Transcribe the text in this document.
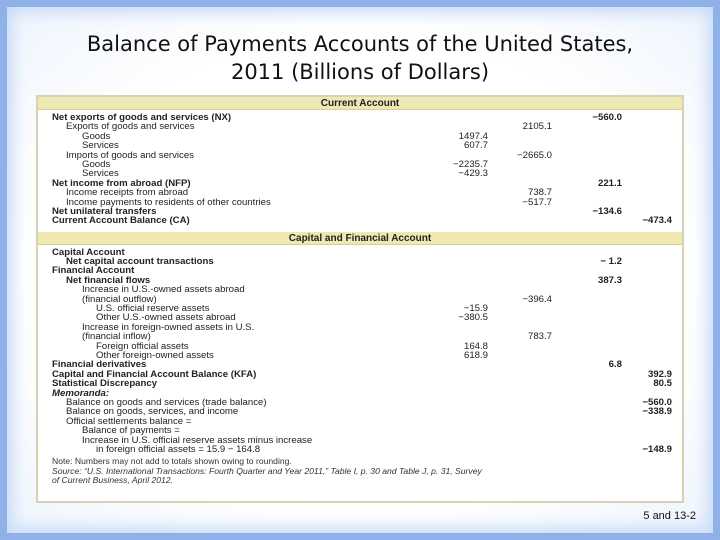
Balance of Payments Accounts of the United States,
2011 (Billions of Dollars)
Current Account
Net exports of goods and services (NX)	−560.0
Exports of goods and services	2105.1
Goods	1497.4
Services	607.7
Imports of goods and services	−2665.0
Goods	−2235.7
Services	−429.3
Net income from abroad (NFP)	221.1
Income receipts from abroad	738.7
Income payments to residents of other countries	−517.7
Net unilateral transfers	−134.6
Current Account Balance (CA)	−473.4
Capital and Financial Account
Capital Account
Net capital account transactions	− 1.2
Financial Account
Net financial flows	387.3
Increase in U.S.-owned assets abroad
(financial outflow)	−396.4
U.S. official reserve assets	−15.9
Other U.S.-owned assets abroad	−380.5
Increase in foreign-owned assets in U.S.
(financial inflow)	783.7
Foreign official assets	164.8
Other foreign-owned assets	618.9
Financial derivatives	6.8
Capital and Financial Account Balance (KFA)	392.9
Statistical Discrepancy	80.5
Memoranda:
Balance on goods and services (trade balance)	−560.0
Balance on goods, services, and income	−338.9
Official settlements balance =
Balance of payments =
Increase in U.S. official reserve assets minus increase
in foreign official assets = 15.9 − 164.8	−148.9
Note: Numbers may not add to totals shown owing to rounding.
Source: “U.S. International Transactions: Fourth Quarter and Year 2011,” Table I, p. 30 and Table J, p. 31, Survey
of Current Business, April 2012.
5 and 13-2
